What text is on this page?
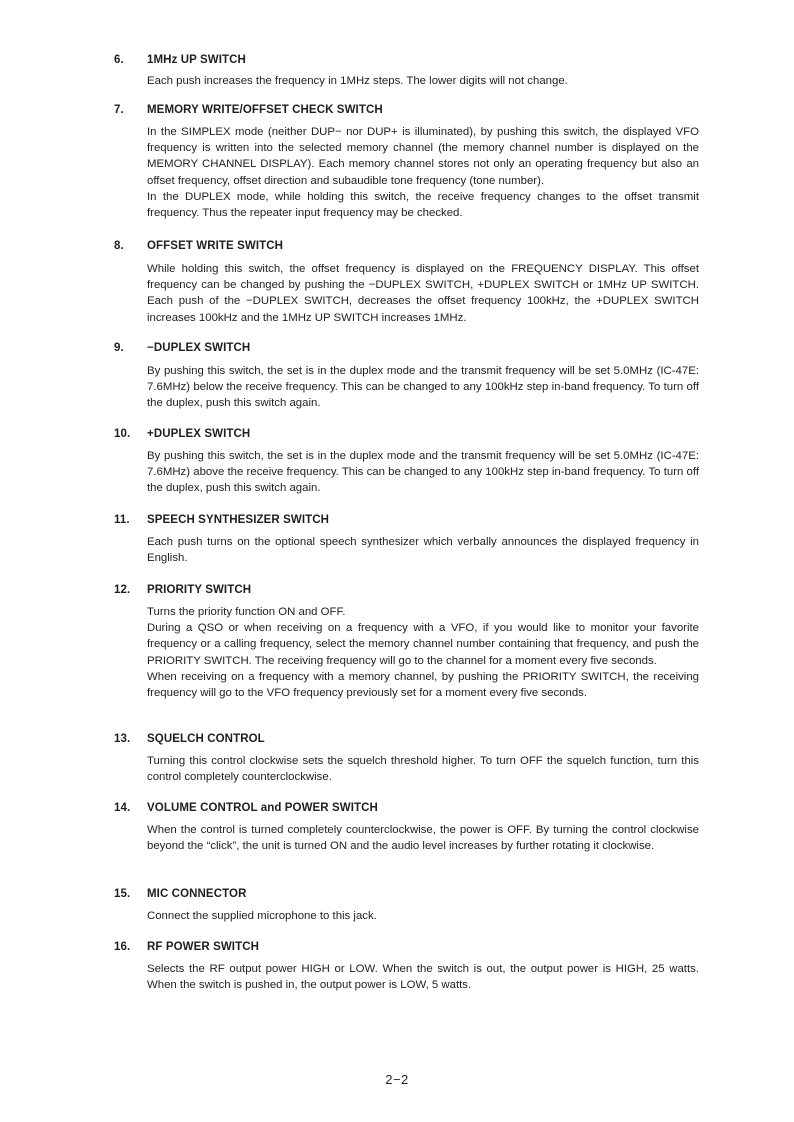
6. 1MHz UP SWITCH

Each push increases the frequency in 1MHz steps. The lower digits will not change.

7. MEMORY WRITE/OFFSET CHECK SWITCH

In the SIMPLEX mode (neither DUP− nor DUP+ is illuminated), by pushing this switch, the displayed VFO frequency is written into the selected memory channel (the memory channel number is displayed on the MEMORY CHANNEL DISPLAY). Each memory channel stores not only an operating frequency but also an offset frequency, offset direction and subaudible tone frequency (tone number).

In the DUPLEX mode, while holding this switch, the receive frequency changes to the offset transmit frequency. Thus the repeater input frequency may be checked.

8. OFFSET WRITE SWITCH

While holding this switch, the offset frequency is displayed on the FREQUENCY DISPLAY. This offset frequency can be changed by pushing the −DUPLEX SWITCH, +DUPLEX SWITCH or 1MHz UP SWITCH. Each push of the −DUPLEX SWITCH, decreases the offset frequency 100kHz, the +DUPLEX SWITCH increases 100kHz and the 1MHz UP SWITCH increases 1MHz.

9. −DUPLEX SWITCH

By pushing this switch, the set is in the duplex mode and the transmit frequency will be set 5.0MHz (IC-47E: 7.6MHz) below the receive frequency. This can be changed to any 100kHz step in-band frequency. To turn off the duplex, push this switch again.

10. +DUPLEX SWITCH

By pushing this switch, the set is in the duplex mode and the transmit frequency will be set 5.0MHz (IC-47E: 7.6MHz) above the receive frequency. This can be changed to any 100kHz step in-band frequency. To turn off the duplex, push this switch again.

11. SPEECH SYNTHESIZER SWITCH

Each push turns on the optional speech synthesizer which verbally announces the displayed frequency in English.

12. PRIORITY SWITCH

Turns the priority function ON and OFF.

During a QSO or when receiving on a frequency with a VFO, if you would like to monitor your favorite frequency or a calling frequency, select the memory channel number containing that frequency, and push the PRIORITY SWITCH. The receiving frequency will go to the channel for a moment every five seconds.

When receiving on a frequency with a memory channel, by pushing the PRIORITY SWITCH, the receiving frequency will go to the VFO frequency previously set for a moment every five seconds.

13. SQUELCH CONTROL

Turning this control clockwise sets the squelch threshold higher. To turn OFF the squelch function, turn this control completely counterclockwise.

14. VOLUME CONTROL and POWER SWITCH

When the control is turned completely counterclockwise, the power is OFF. By turning the control clockwise beyond the “click”, the unit is turned ON and the audio level increases by further rotating it clockwise.

15. MIC CONNECTOR

Connect the supplied microphone to this jack.

16. RF POWER SWITCH

Selects the RF output power HIGH or LOW. When the switch is out, the output power is HIGH, 25 watts. When the switch is pushed in, the output power is LOW, 5 watts.

2−2
